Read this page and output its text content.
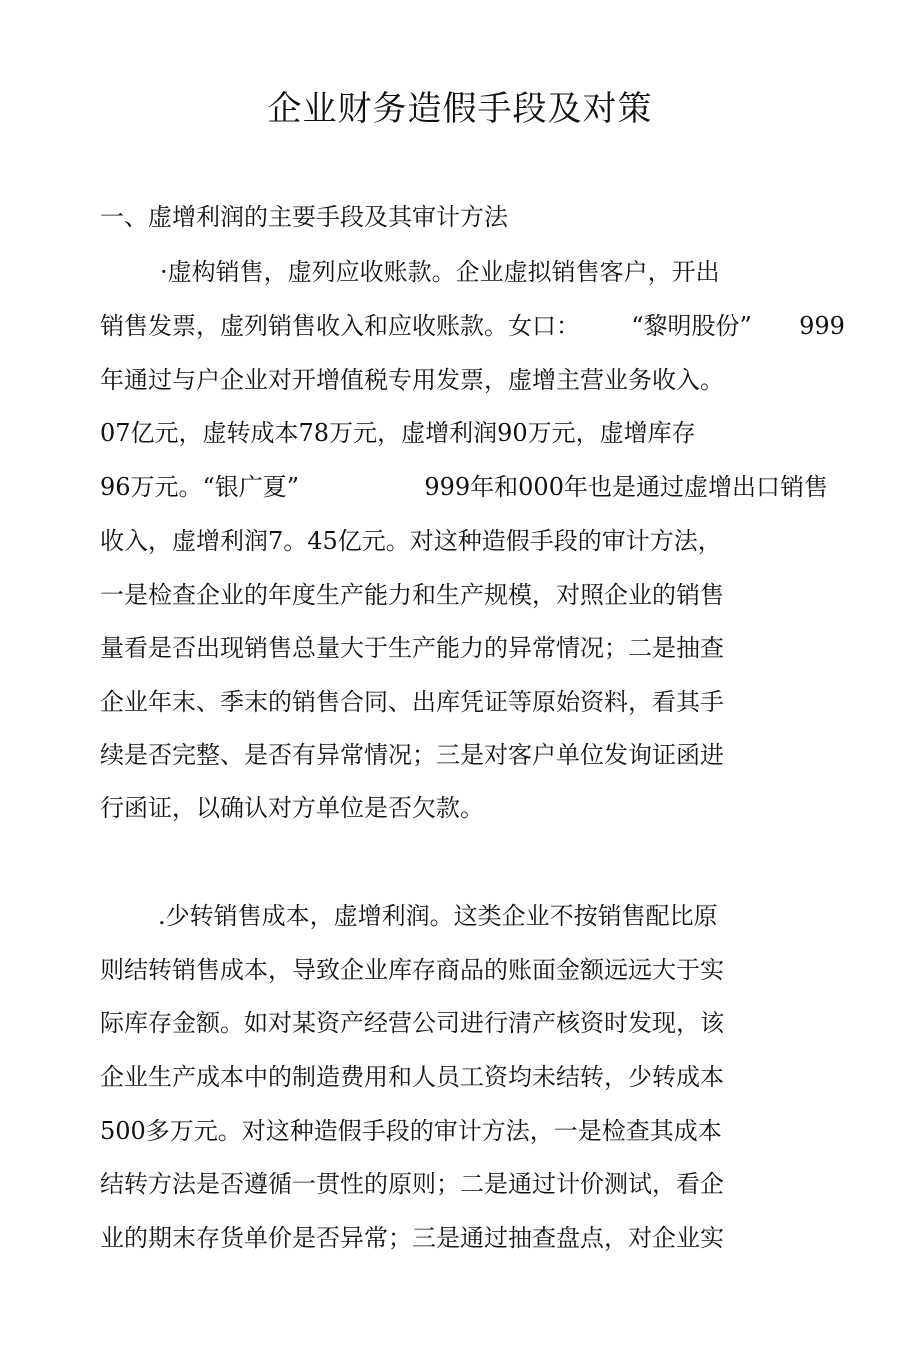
企业财务造假手段及对策
一、虚增利润的主要手段及其审计方法
·虚构销售，虚列应收账款。企业虚拟销售客户，开出
销售发票，虚列销售收入和应收账款。女口： “黎明股份” 999
年通过与户企业对开增值税专用发票，虚增主营业务收入。
07亿元，虚转成本78万元，虚增利润90万元，虚增库存
96万元。“银广夏”	999年和000年也是通过虚增出口销售
收入，虚增利润7。45亿元。对这种造假手段的审计方法，
一是检查企业的年度生产能力和生产规模，对照企业的销售
量看是否出现销售总量大于生产能力的异常情况；二是抽查
企业年末、季末的销售合同、出库凭证等原始资料，看其手
续是否完整、是否有异常情况；三是对客户单位发询证函进
行函证，以确认对方单位是否欠款。
.少转销售成本，虚增利润。这类企业不按销售配比原
则结转销售成本，导致企业库存商品的账面金额远远大于实
际库存金额。如对某资产经营公司进行清产核资时发现，该
企业生产成本中的制造费用和人员工资均未结转，少转成本
500多万元。对这种造假手段的审计方法，一是检查其成本
结转方法是否遵循一贯性的原则；二是通过计价测试，看企
业的期末存货单价是否异常；三是通过抽查盘点，对企业实
